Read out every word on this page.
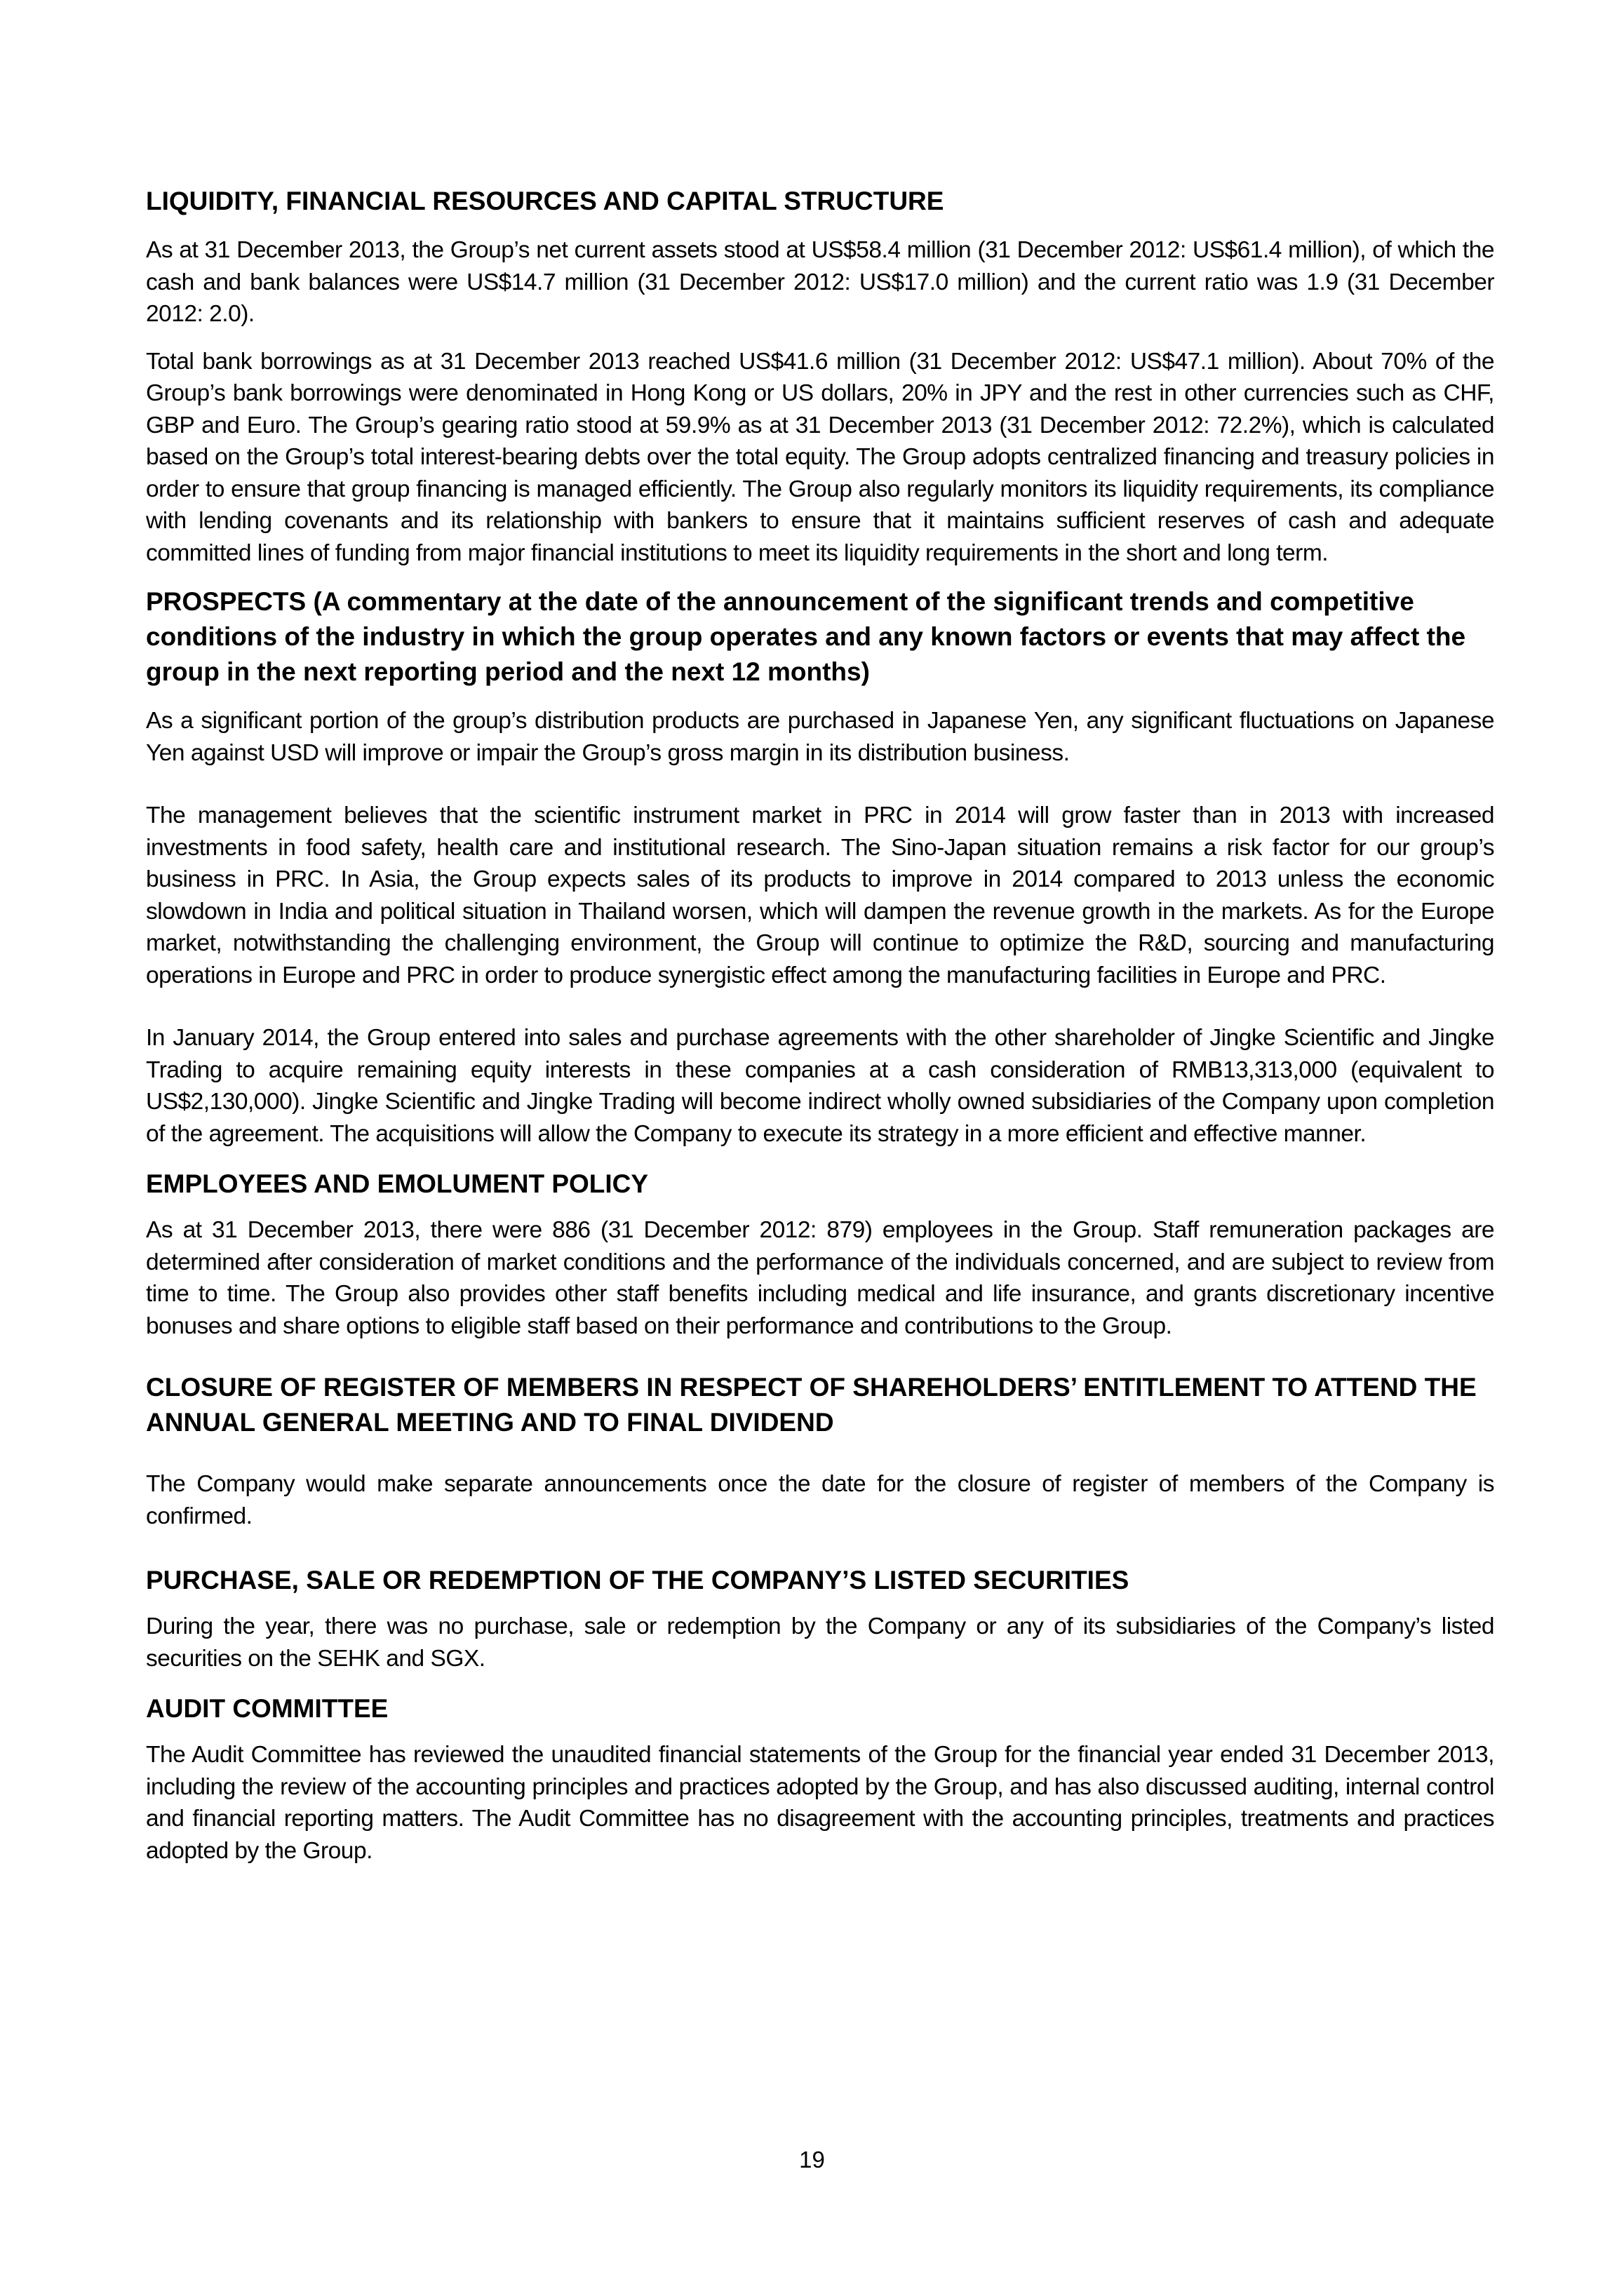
LIQUIDITY, FINANCIAL RESOURCES AND CAPITAL STRUCTURE

As at 31 December 2013, the Group’s net current assets stood at US$58.4 million (31 December 2012: US$61.4 million), of which the cash and bank balances were US$14.7 million (31 December 2012: US$17.0 million) and the current ratio was 1.9 (31 December 2012: 2.0).

Total bank borrowings as at 31 December 2013 reached US$41.6 million (31 December 2012: US$47.1 million). About 70% of the Group’s bank borrowings were denominated in Hong Kong or US dollars, 20% in JPY and the rest in other currencies such as CHF, GBP and Euro. The Group’s gearing ratio stood at 59.9% as at 31 December 2013 (31 December 2012: 72.2%), which is calculated based on the Group’s total interest-bearing debts over the total equity. The Group adopts centralized financing and treasury policies in order to ensure that group financing is managed efficiently. The Group also regularly monitors its liquidity requirements, its compliance with lending covenants and its relationship with bankers to ensure that it maintains sufficient reserves of cash and adequate committed lines of funding from major financial institutions to meet its liquidity requirements in the short and long term.

PROSPECTS (A commentary at the date of the announcement of the significant trends and competitive conditions of the industry in which the group operates and any known factors or events that may affect the group in the next reporting period and the next 12 months)

As a significant portion of the group’s distribution products are purchased in Japanese Yen, any significant fluctuations on Japanese Yen against USD will improve or impair the Group’s gross margin in its distribution business.

The management believes that the scientific instrument market in PRC in 2014 will grow faster than in 2013 with increased investments in food safety, health care and institutional research. The Sino-Japan situation remains a risk factor for our group’s business in PRC. In Asia, the Group expects sales of its products to improve in 2014 compared to 2013 unless the economic slowdown in India and political situation in Thailand worsen, which will dampen the revenue growth in the markets. As for the Europe market, notwithstanding the challenging environment, the Group will continue to optimize the R&D, sourcing and manufacturing operations in Europe and PRC in order to produce synergistic effect among the manufacturing facilities in Europe and PRC.

In January 2014, the Group entered into sales and purchase agreements with the other shareholder of Jingke Scientific and Jingke Trading to acquire remaining equity interests in these companies at a cash consideration of RMB13,313,000 (equivalent to US$2,130,000). Jingke Scientific and Jingke Trading will become indirect wholly owned subsidiaries of the Company upon completion of the agreement. The acquisitions will allow the Company to execute its strategy in a more efficient and effective manner.

EMPLOYEES AND EMOLUMENT POLICY

As at 31 December 2013, there were 886 (31 December 2012: 879) employees in the Group. Staff remuneration packages are determined after consideration of market conditions and the performance of the individuals concerned, and are subject to review from time to time. The Group also provides other staff benefits including medical and life insurance, and grants discretionary incentive bonuses and share options to eligible staff based on their performance and contributions to the Group.

CLOSURE OF REGISTER OF MEMBERS IN RESPECT OF SHAREHOLDERS’ ENTITLEMENT TO ATTEND THE ANNUAL GENERAL MEETING AND TO FINAL DIVIDEND

The Company would make separate announcements once the date for the closure of register of members of the Company is confirmed.

PURCHASE, SALE OR REDEMPTION OF THE COMPANY’S LISTED SECURITIES

During the year, there was no purchase, sale or redemption by the Company or any of its subsidiaries of the Company’s listed securities on the SEHK and SGX.

AUDIT COMMITTEE

The Audit Committee has reviewed the unaudited financial statements of the Group for the financial year ended 31 December 2013, including the review of the accounting principles and practices adopted by the Group, and has also discussed auditing, internal control and financial reporting matters. The Audit Committee has no disagreement with the accounting principles, treatments and practices adopted by the Group.

19
